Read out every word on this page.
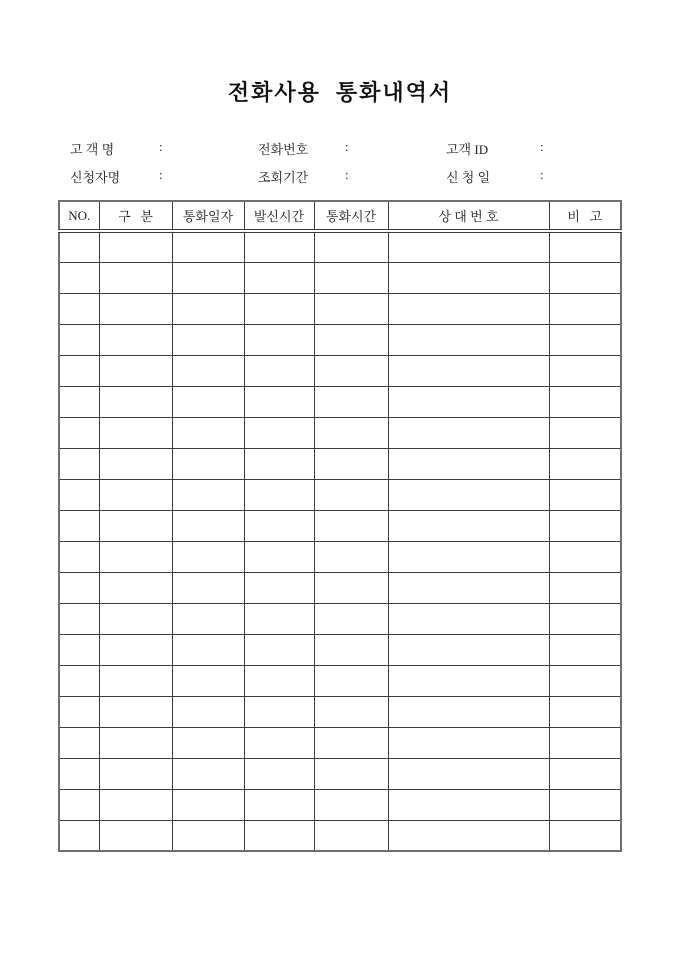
전화사용  통화내역서
고 객 명	:	전화번호	:	고객 ID	:
신청자명	:	조회기간	:	신 청 일	:
NO.	구   분	통화일자	발신시간	통화시간	상 대 번 호	비   고
